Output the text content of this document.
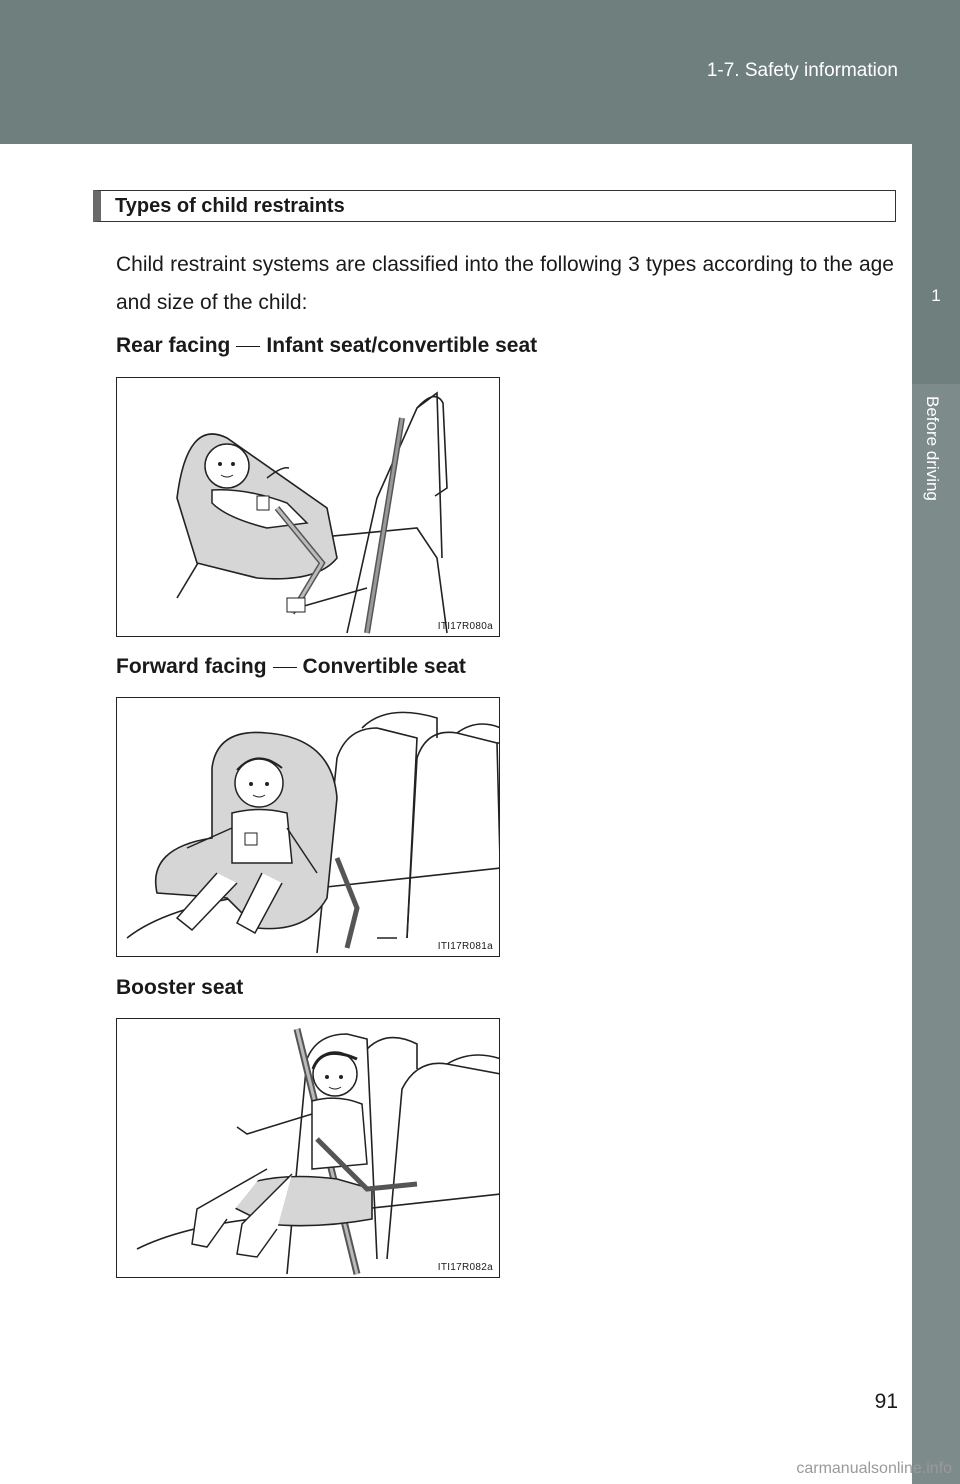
1-7. Safety information
1
Before driving
Types of child restraints
Child restraint systems are classified into the following 3 types according to the age and size of the child:
Rear facing Infant seat/convertible seat
ITI17R080a
Forward facing Convertible seat
ITI17R081a
Booster seat
ITI17R082a
91
carmanualsonline.info
